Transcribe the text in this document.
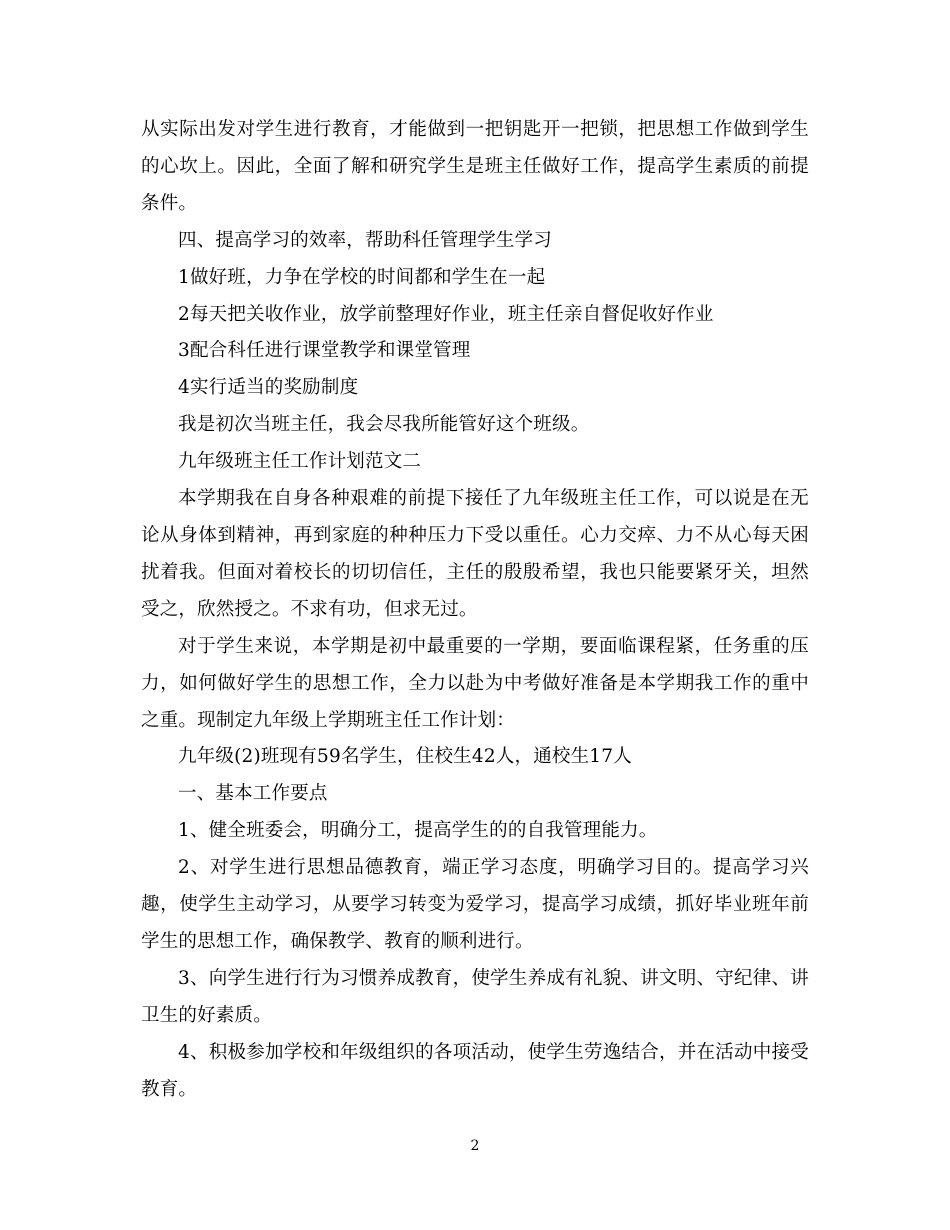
从实际出发对学生进行教育，才能做到一把钥匙开一把锁，把思想工作做到学生的心坎上。因此，全面了解和研究学生是班主任做好工作，提高学生素质的前提条件。

四、提高学习的效率，帮助科任管理学生学习

1做好班，力争在学校的时间都和学生在一起

2每天把关收作业，放学前整理好作业，班主任亲自督促收好作业

3配合科任进行课堂教学和课堂管理

4实行适当的奖励制度

我是初次当班主任，我会尽我所能管好这个班级。

九年级班主任工作计划范文二

本学期我在自身各种艰难的前提下接任了九年级班主任工作，可以说是在无论从身体到精神，再到家庭的种种压力下受以重任。心力交瘁、力不从心每天困扰着我。但面对着校长的切切信任，主任的殷殷希望，我也只能要紧牙关，坦然受之，欣然授之。不求有功，但求无过。

对于学生来说，本学期是初中最重要的一学期，要面临课程紧，任务重的压力，如何做好学生的思想工作，全力以赴为中考做好准备是本学期我工作的重中之重。现制定九年级上学期班主任工作计划：

九年级(2)班现有59名学生，住校生42人，通校生17人

一、基本工作要点

1、健全班委会，明确分工，提高学生的的自我管理能力。

2、对学生进行思想品德教育，端正学习态度，明确学习目的。提高学习兴趣，使学生主动学习，从要学习转变为爱学习，提高学习成绩，抓好毕业班年前学生的思想工作，确保教学、教育的顺利进行。

3、向学生进行行为习惯养成教育，使学生养成有礼貌、讲文明、守纪律、讲卫生的好素质。

4、积极参加学校和年级组织的各项活动，使学生劳逸结合，并在活动中接受教育。

2
